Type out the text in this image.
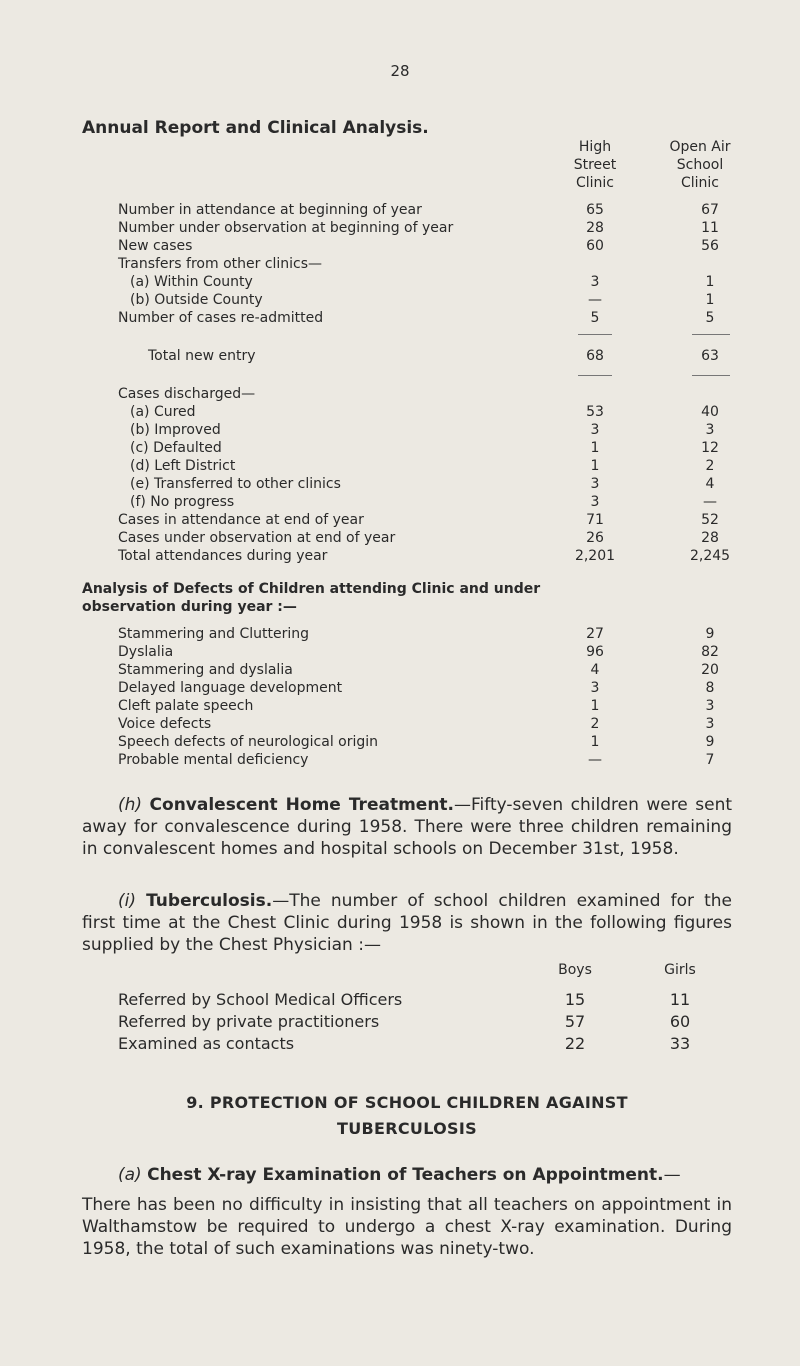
28
Annual Report and Clinical Analysis.
High
Street
Clinic
Open Air
School
Clinic
Number in attendance at beginning of year	65	67
Number under observation at beginning of year	28	11
New cases	60	56
Transfers from other clinics—
(a) Within County	3	1
(b) Outside County	—	1
Number of cases re-admitted	5	5
Total new entry	68	63
Cases discharged—
(a) Cured	53	40
(b) Improved	3	3
(c) Defaulted	1	12
(d) Left District	1	2
(e) Transferred to other clinics	3	4
(f) No progress	3	—
Cases in attendance at end of year	71	52
Cases under observation at end of year	26	28
Total attendances during year	2,201	2,245
Analysis of Defects of Children attending Clinic and under observation during year :—
Stammering and Cluttering	27	9
Dyslalia	96	82
Stammering and dyslalia	4	20
Delayed language development	3	8
Cleft palate speech	1	3
Voice defects	2	3
Speech defects of neurological origin	1	9
Probable mental deficiency	—	7
(h) Convalescent Home Treatment.—Fifty-seven children were sent away for convalescence during 1958. There were three children remaining in convalescent homes and hospital schools on December 31st, 1958.
(i) Tuberculosis.—The number of school children examined for the first time at the Chest Clinic during 1958 is shown in the following figures supplied by the Chest Physician :—
Boys	Girls
Referred by School Medical Officers	15	11
Referred by private practitioners	57	60
Examined as contacts	22	33
9. PROTECTION OF SCHOOL CHILDREN AGAINST
TUBERCULOSIS
(a) Chest X-ray Examination of Teachers on Appointment.—
There has been no difficulty in insisting that all teachers on appointment in Walthamstow be required to undergo a chest X-ray examination. During 1958, the total of such examinations was ninety-two.
